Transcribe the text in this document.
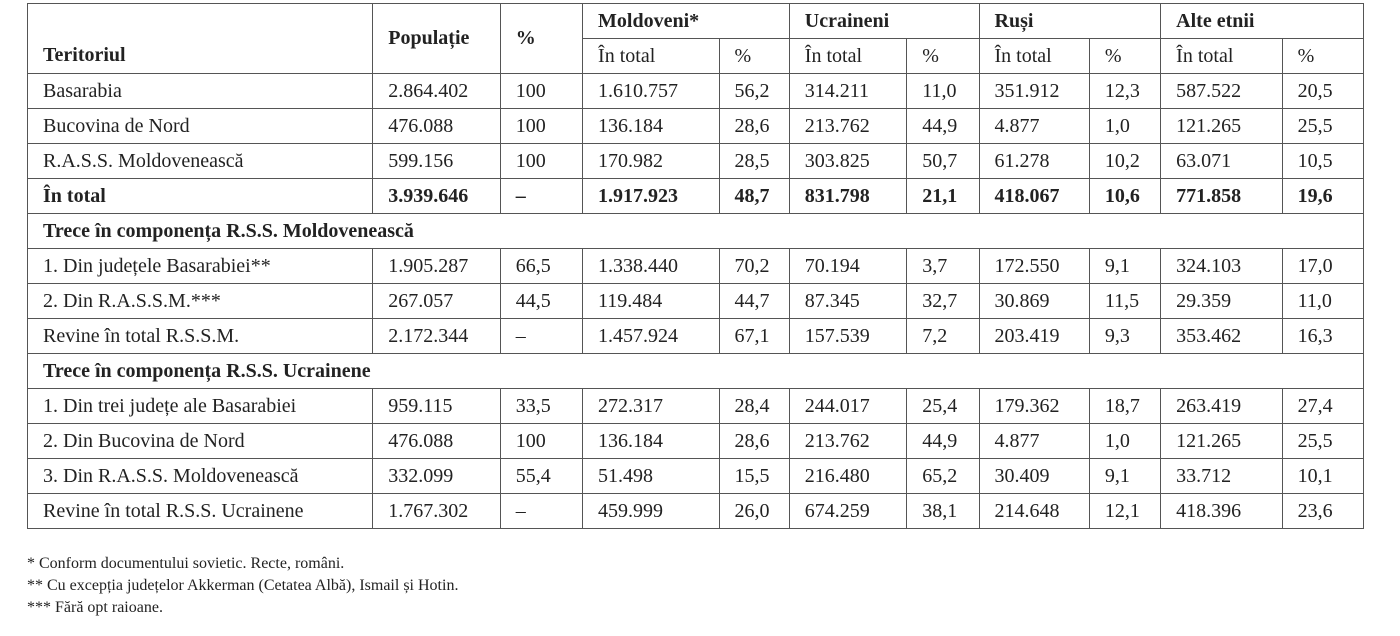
Teritoriul	Populație	%	Moldoveni*		Ucraineni		Ruși		Alte etnii	
			În total	%	În total	%	În total	%	În total	%
Basarabia	2.864.402	100	1.610.757	56,2	314.211	11,0	351.912	12,3	587.522	20,5
Bucovina de Nord	476.088	100	136.184	28,6	213.762	44,9	4.877	1,0	121.265	25,5
R.A.S.S. Moldovenească	599.156	100	170.982	28,5	303.825	50,7	61.278	10,2	63.071	10,5
În total	3.939.646	–	1.917.923	48,7	831.798	21,1	418.067	10,6	771.858	19,6
Trece în componența R.S.S. Moldovenească										
1. Din județele Basarabiei**	1.905.287	66,5	1.338.440	70,2	70.194	3,7	172.550	9,1	324.103	17,0
2. Din R.A.S.S.M.***	267.057	44,5	119.484	44,7	87.345	32,7	30.869	11,5	29.359	11,0
Revine în total R.S.S.M.	2.172.344	–	1.457.924	67,1	157.539	7,2	203.419	9,3	353.462	16,3
Trece în componența R.S.S. Ucrainene										
1. Din trei județe ale Basarabiei	959.115	33,5	272.317	28,4	244.017	25,4	179.362	18,7	263.419	27,4
2. Din Bucovina de Nord	476.088	100	136.184	28,6	213.762	44,9	4.877	1,0	121.265	25,5
3. Din R.A.S.S. Moldovenească	332.099	55,4	51.498	15,5	216.480	65,2	30.409	9,1	33.712	10,1
Revine în total R.S.S. Ucrainene	1.767.302	–	459.999	26,0	674.259	38,1	214.648	12,1	418.396	23,6
* Conform documentului sovietic. Recte, români.
** Cu excepția județelor Akkerman (Cetatea Albă), Ismail și Hotin.
*** Fără opt raioane.
